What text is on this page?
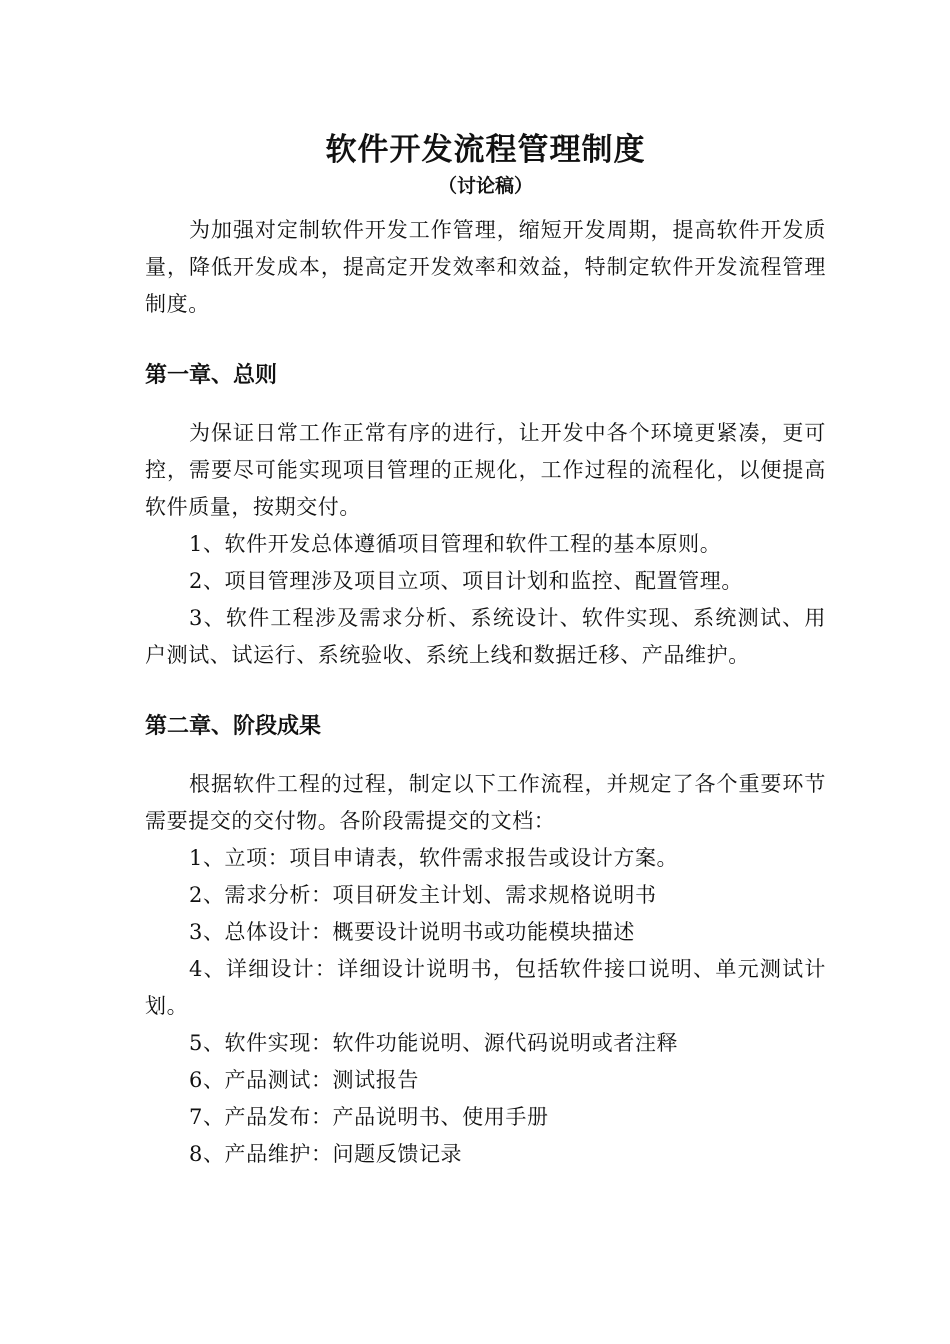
软件开发流程管理制度
（讨论稿）

为加强对定制软件开发工作管理，缩短开发周期，提高软件开发质量，降低开发成本，提高定开发效率和效益，特制定软件开发流程管理制度。

第一章、总则

为保证日常工作正常有序的进行，让开发中各个环境更紧凑，更可控，需要尽可能实现项目管理的正规化，工作过程的流程化，以便提高软件质量，按期交付。

1、软件开发总体遵循项目管理和软件工程的基本原则。

2、项目管理涉及项目立项、项目计划和监控、配置管理。

3、软件工程涉及需求分析、系统设计、软件实现、系统测试、用户测试、试运行、系统验收、系统上线和数据迁移、产品维护。

第二章、阶段成果

根据软件工程的过程，制定以下工作流程，并规定了各个重要环节需要提交的交付物。各阶段需提交的文档：

1、立项：项目申请表，软件需求报告或设计方案。

2、需求分析：项目研发主计划、需求规格说明书

3、总体设计：概要设计说明书或功能模块描述

4、详细设计：详细设计说明书，包括软件接口说明、单元测试计划。

5、软件实现：软件功能说明、源代码说明或者注释

6、产品测试：测试报告

7、产品发布：产品说明书、使用手册

8、产品维护：问题反馈记录
